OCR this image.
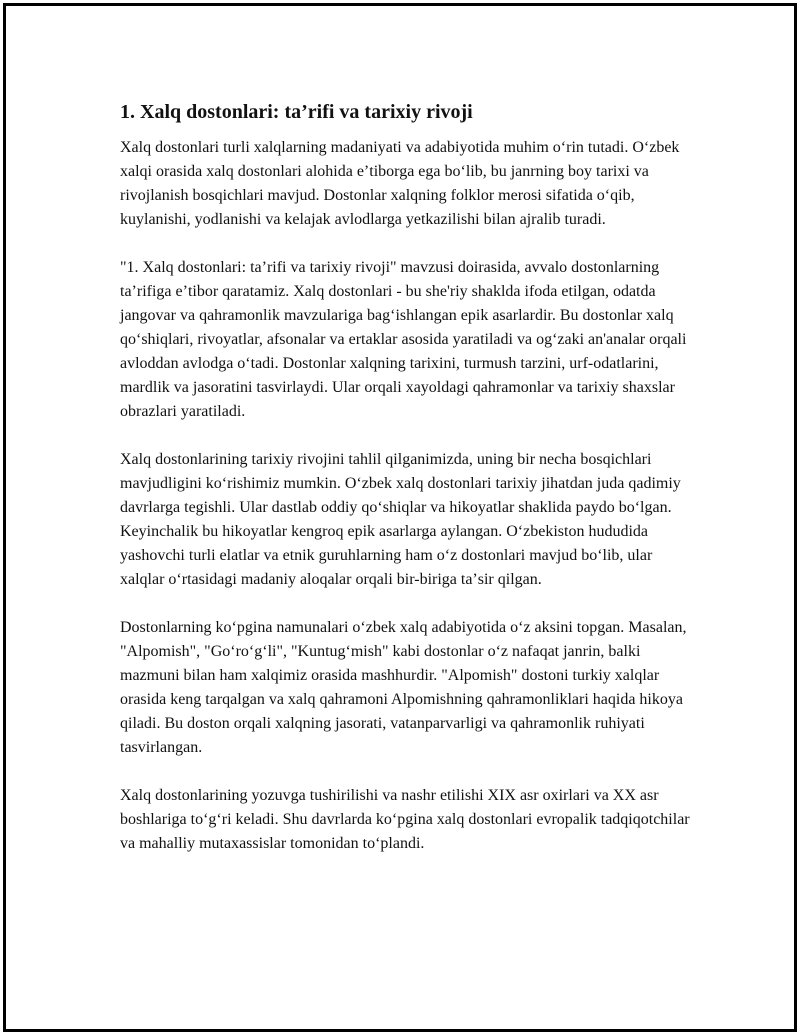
1. Xalq dostonlari: ta’rifi va tarixiy rivoji

Xalq dostonlari turli xalqlarning madaniyati va adabiyotida muhim oʻrin tutadi. Oʻzbek xalqi orasida xalq dostonlari alohida eʼtiborga ega boʻlib, bu janrning boy tarixi va rivojlanish bosqichlari mavjud. Dostonlar xalqning folklor merosi sifatida oʻqib, kuylanishi, yodlanishi va kelajak avlodlarga yetkazilishi bilan ajralib turadi.

"1. Xalq dostonlari: taʼrifi va tarixiy rivoji" mavzusi doirasida, avvalo dostonlarning taʼrifiga eʼtibor qaratamiz. Xalq dostonlari - bu she'riy shaklda ifoda etilgan, odatda jangovar va qahramonlik mavzulariga bagʻishlangan epik asarlardir. Bu dostonlar xalq qoʻshiqlari, rivoyatlar, afsonalar va ertaklar asosida yaratiladi va ogʻzaki an'analar orqali avloddan avlodga oʻtadi. Dostonlar xalqning tarixini, turmush tarzini, urf-odatlarini, mardlik va jasoratini tasvirlaydi. Ular orqali xayoldagi qahramonlar va tarixiy shaxslar obrazlari yaratiladi.

Xalq dostonlarining tarixiy rivojini tahlil qilganimizda, uning bir necha bosqichlari mavjudligini koʻrishimiz mumkin. Oʻzbek xalq dostonlari tarixiy jihatdan juda qadimiy davrlarga tegishli. Ular dastlab oddiy qoʻshiqlar va hikoyatlar shaklida paydo boʻlgan. Keyinchalik bu hikoyatlar kengroq epik asarlarga aylangan. Oʻzbekiston hududida yashovchi turli elatlar va etnik guruhlarning ham oʻz dostonlari mavjud boʻlib, ular xalqlar oʻrtasidagi madaniy aloqalar orqali bir-biriga taʼsir qilgan.

Dostonlarning koʻpgina namunalari oʻzbek xalq adabiyotida oʻz aksini topgan. Masalan, "Alpomish", "Goʻroʻgʻli", "Kuntugʻmish" kabi dostonlar oʻz nafaqat janrin, balki mazmuni bilan ham xalqimiz orasida mashhurdir. "Alpomish" dostoni turkiy xalqlar orasida keng tarqalgan va xalq qahramoni Alpomishning qahramonliklari haqida hikoya qiladi. Bu doston orqali xalqning jasorati, vatanparvarligi va qahramonlik ruhiyati tasvirlangan.

Xalq dostonlarining yozuvga tushirilishi va nashr etilishi XIX asr oxirlari va XX asr boshlariga toʻgʻri keladi. Shu davrlarda koʻpgina xalq dostonlari evropalik tadqiqotchilar va mahalliy mutaxassislar tomonidan toʻplandi.
